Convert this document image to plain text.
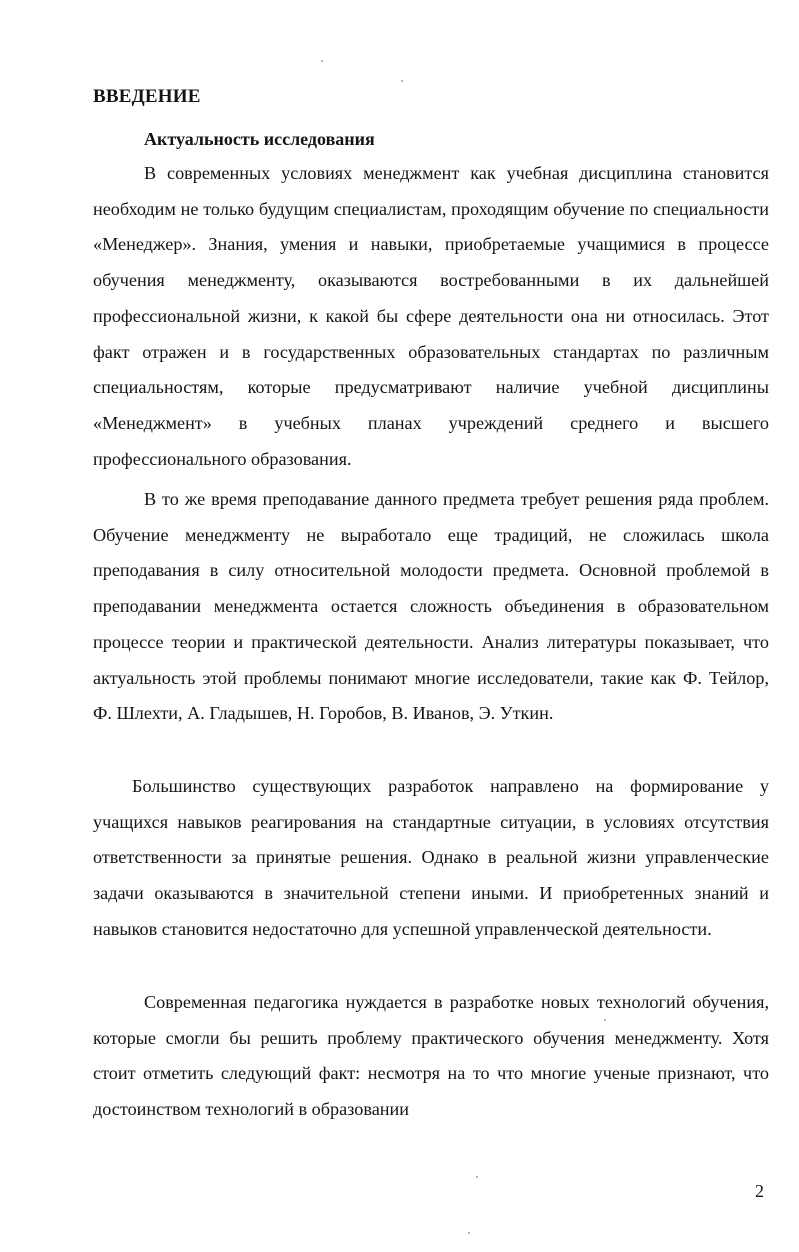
ВВЕДЕНИЕ
Актуальность исследования

В современных условиях менеджмент как учебная дисциплина становится необходим не только будущим специалистам, проходящим обучение по специальности «Менеджер». Знания, умения и навыки, приобретаемые учащимися в процессе обучения менеджменту, оказываются востребованными в их дальнейшей профессиональной жизни, к какой бы сфере деятельности она ни относилась. Этот факт отражен и в государственных образовательных стандартах по различным специальностям, которые предусматривают наличие учебной дисциплины «Менеджмент» в учебных планах учреждений среднего и высшего профессионального образования.

В то же время преподавание данного предмета требует решения ряда проблем. Обучение менеджменту не выработало еще традиций, не сложилась школа преподавания в силу относительной молодости предмета. Основной проблемой в преподавании менеджмента остается сложность объединения в образовательном процессе теории и практической деятельности. Анализ литературы показывает, что актуальность этой проблемы понимают многие исследователи, такие как Ф. Тейлор, Ф. Шлехти, А. Гладышев, Н. Горобов, В. Иванов, Э. Уткин.

Большинство существующих разработок направлено на формирование у учащихся навыков реагирования на стандартные ситуации, в условиях отсутствия ответственности за принятые решения. Однако в реальной жизни управленческие задачи оказываются в значительной степени иными. И приобретенных знаний и навыков становится недостаточно для успешной управленческой деятельности.

Современная педагогика нуждается в разработке новых технологий обучения, которые смогли бы решить проблему практического обучения менеджменту. Хотя стоит отметить следующий факт: несмотря на то что многие ученые признают, что достоинством технологий в образовании

2
